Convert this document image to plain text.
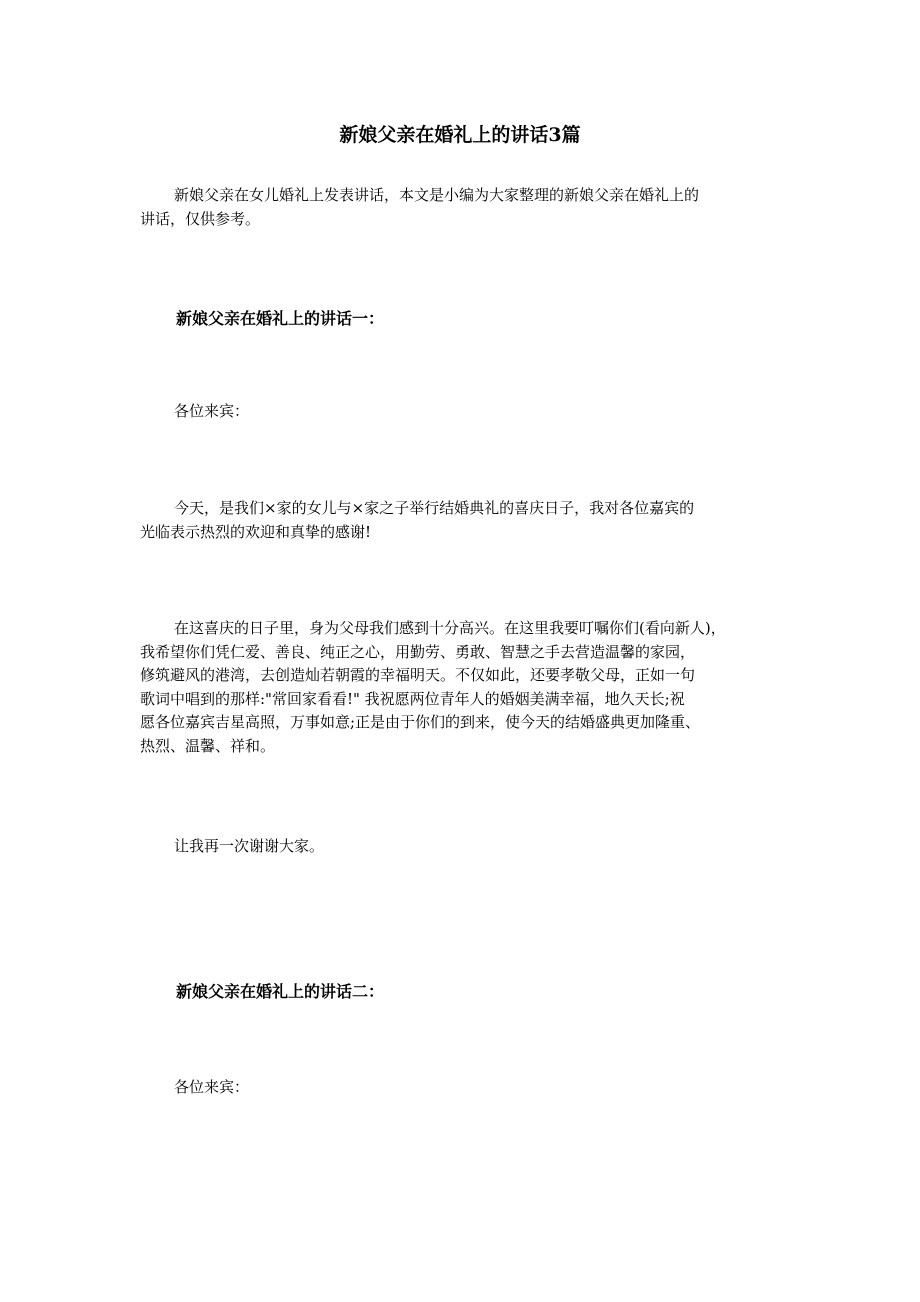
新娘父亲在婚礼上的讲话3篇

新娘父亲在女儿婚礼上发表讲话，本文是小编为大家整理的新娘父亲在婚礼上的
讲话，仅供参考。

新娘父亲在婚礼上的讲话一：

各位来宾：

今天，是我们×家的女儿与×家之子举行结婚典礼的喜庆日子，我对各位嘉宾的
光临表示热烈的欢迎和真挚的感谢!

在这喜庆的日子里，身为父母我们感到十分高兴。在这里我要叮嘱你们(看向新人)，
我希望你们凭仁爱、善良、纯正之心，用勤劳、勇敢、智慧之手去营造温馨的家园，
修筑避风的港湾，去创造灿若朝霞的幸福明天。不仅如此，还要孝敬父母，正如一句
歌词中唱到的那样:"常回家看看!" 我祝愿两位青年人的婚姻美满幸福，地久天长;祝
愿各位嘉宾吉星高照，万事如意;正是由于你们的到来，使今天的结婚盛典更加隆重、
热烈、温馨、祥和。

让我再一次谢谢大家。

新娘父亲在婚礼上的讲话二：

各位来宾：
